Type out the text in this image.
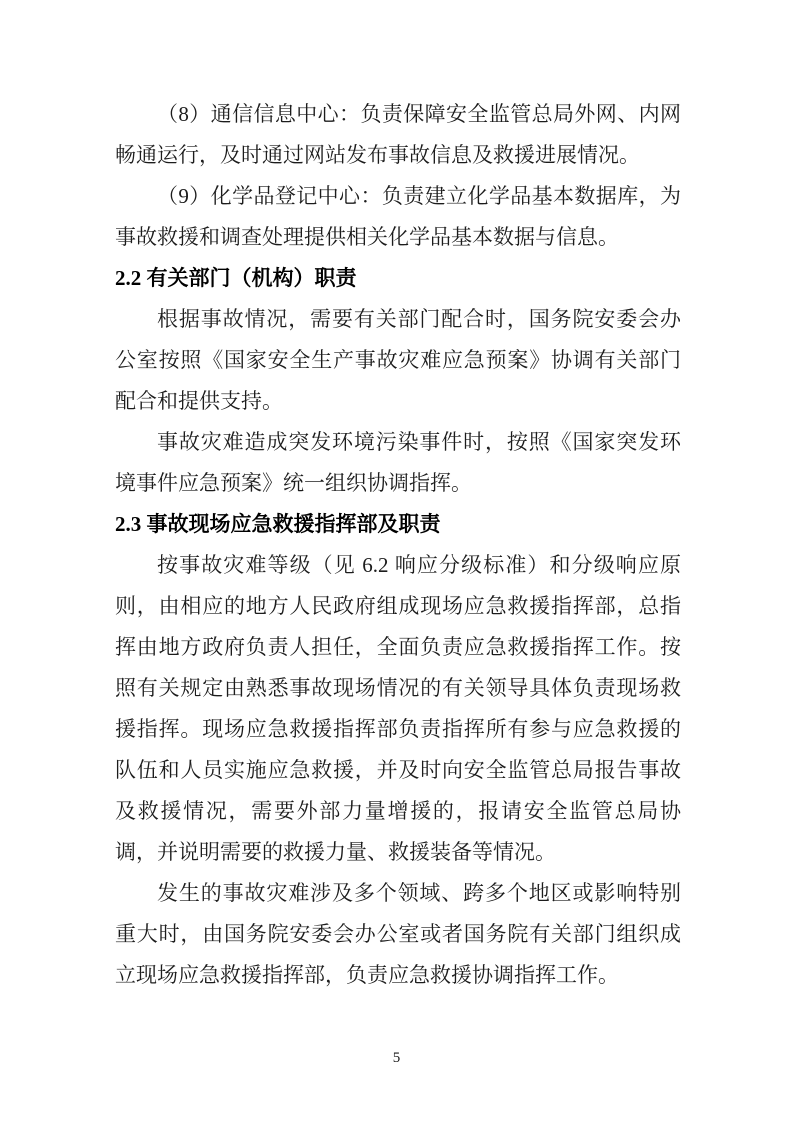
（8）通信信息中心：负责保障安全监管总局外网、内网畅通运行，及时通过网站发布事故信息及救援进展情况。

（9）化学品登记中心：负责建立化学品基本数据库，为事故救援和调查处理提供相关化学品基本数据与信息。

2.2 有关部门（机构）职责

根据事故情况，需要有关部门配合时，国务院安委会办公室按照《国家安全生产事故灾难应急预案》协调有关部门配合和提供支持。

事故灾难造成突发环境污染事件时，按照《国家突发环境事件应急预案》统一组织协调指挥。

2.3 事故现场应急救援指挥部及职责

按事故灾难等级（见 6.2 响应分级标准）和分级响应原则，由相应的地方人民政府组成现场应急救援指挥部，总指挥由地方政府负责人担任，全面负责应急救援指挥工作。按照有关规定由熟悉事故现场情况的有关领导具体负责现场救援指挥。现场应急救援指挥部负责指挥所有参与应急救援的队伍和人员实施应急救援，并及时向安全监管总局报告事故及救援情况，需要外部力量增援的，报请安全监管总局协调，并说明需要的救援力量、救援装备等情况。

发生的事故灾难涉及多个领域、跨多个地区或影响特别重大时，由国务院安委会办公室或者国务院有关部门组织成立现场应急救援指挥部，负责应急救援协调指挥工作。

5
